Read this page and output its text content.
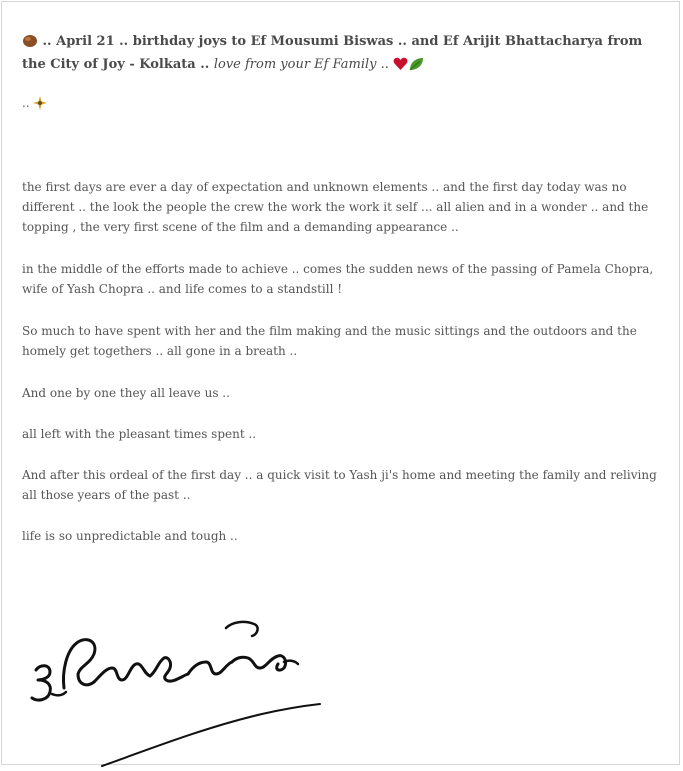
.. April 21 .. birthday joys to Ef Mousumi Biswas .. and Ef Arijit Bhattacharya from the City of Joy - Kolkata .. love from your Ef Family ..
..

the first days are ever a day of expectation and unknown elements .. and the first day today was no different .. the look the people the crew the work the work it self ... all alien and in a wonder .. and the topping , the very first scene of the film and a demanding appearance ..

in the middle of the efforts made to achieve .. comes the sudden news of the passing of Pamela Chopra, wife of Yash Chopra .. and life comes to a standstill !

So much to have spent with her and the film making and the music sittings and the outdoors and the homely get togethers .. all gone in a breath ..

And one by one they all leave us ..

all left with the pleasant times spent ..

And after this ordeal of the first day .. a quick visit to Yash ji's home and meeting the family and reliving all those years of the past ..

life is so unpredictable and tough ..
